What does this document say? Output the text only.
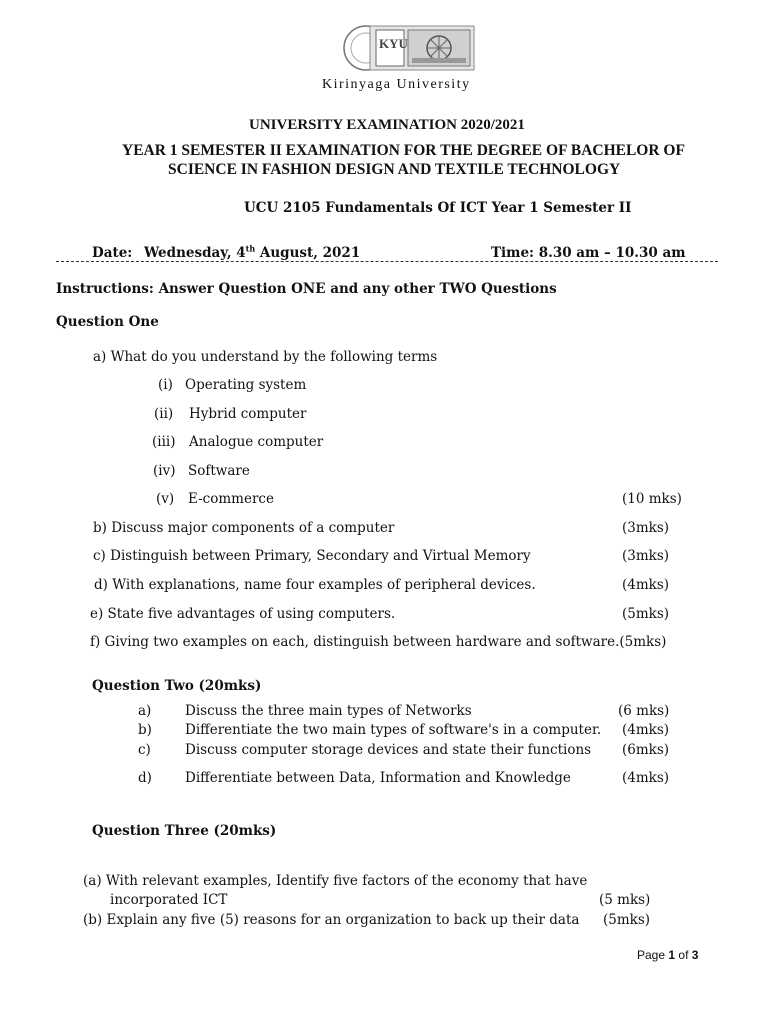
KYU
Kirinyaga University
UNIVERSITY EXAMINATION 2020/2021
YEAR 1 SEMESTER II EXAMINATION FOR THE DEGREE OF BACHELOR OF
SCIENCE IN FASHION DESIGN AND TEXTILE TECHNOLOGY
UCU 2105 Fundamentals Of ICT Year 1 Semester II
Date: Wednesday, 4th August, 2021	Time: 8.30 am – 10.30 am
Instructions: Answer Question ONE and any other TWO Questions
Question One
a) What do you understand by the following terms
(i) Operating system
(ii) Hybrid computer
(iii) Analogue computer
(iv) Software
(v) E-commerce	(10 mks)
b) Discuss major components of a computer	(3mks)
c) Distinguish between Primary, Secondary and Virtual Memory	(3mks)
d) With explanations, name four examples of peripheral devices.	(4mks)
e) State five advantages of using computers.	(5mks)
f) Giving two examples on each, distinguish between hardware and software.(5mks)
Question Two (20mks)
a) Discuss the three main types of Networks	(6 mks)
b) Differentiate the two main types of software's in a computer. (4mks)
c)	Discuss computer storage devices and state their functions (6mks)
d) Differentiate between Data, Information and Knowledge	(4mks)
Question Three (20mks)
(a) With relevant examples, Identify five factors of the economy that have
incorporated ICT	(5 mks)
(b) Explain any five (5) reasons for an organization to back up their data (5mks)
Page 1 of 3
